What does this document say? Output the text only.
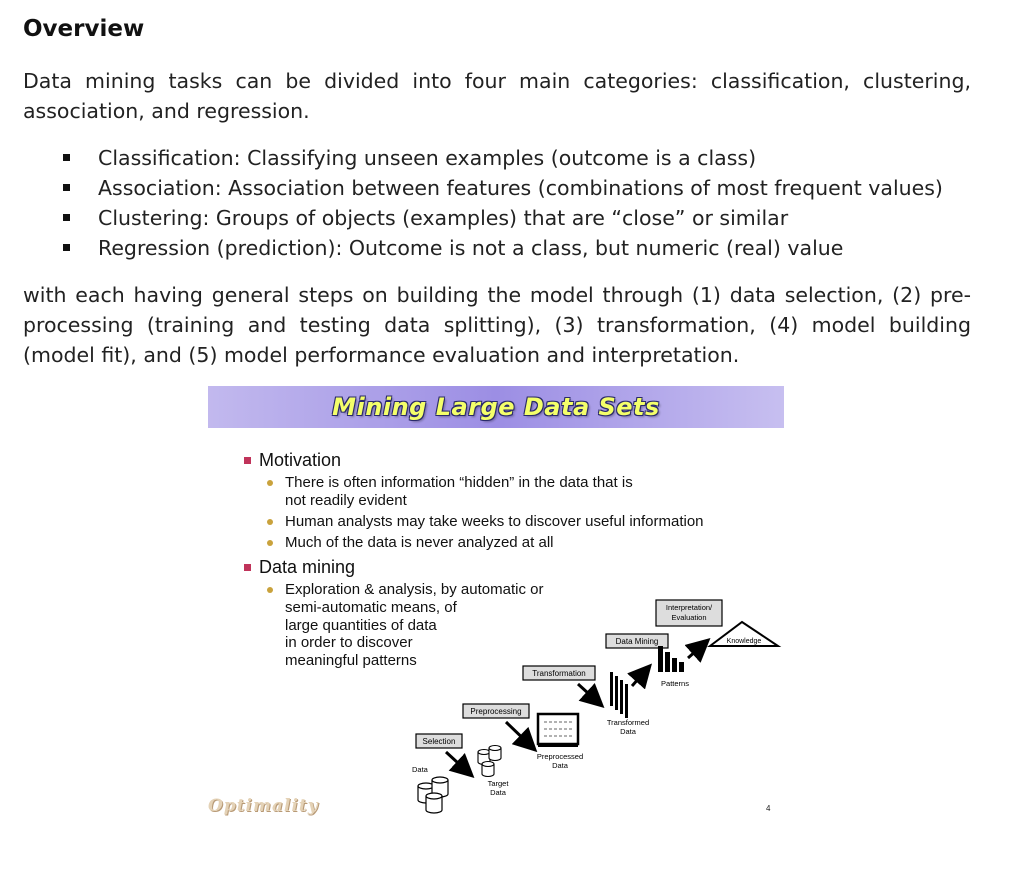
Overview

Data mining tasks can be divided into four main categories: classification, clustering, association, and regression.

Classification: Classifying unseen examples (outcome is a class)
Association: Association between features (combinations of most frequent values)
Clustering: Groups of objects (examples) that are “close” or similar
Regression (prediction): Outcome is not a class, but numeric (real) value

with each having general steps on building the model through (1) data selection, (2) pre-processing (training and testing data splitting), (3) transformation, (4) model building (model fit), and (5) model performance evaluation and interpretation.

Mining Large Data Sets
Motivation
There is often information “hidden” in the data that is
not readily evident
Human analysts may take weeks to discover useful information
Much of the data is never analyzed at all
Data mining
Exploration & analysis, by automatic or
semi-automatic means, of
large quantities of data
in order to discover
meaningful patterns
Data
Selection
Target
Data
Preprocessing
Preprocessed
Data
Transformation
Transformed
Data
Data Mining
Patterns
Interpretation/
Evaluation
Knowledge
Optimality	4
